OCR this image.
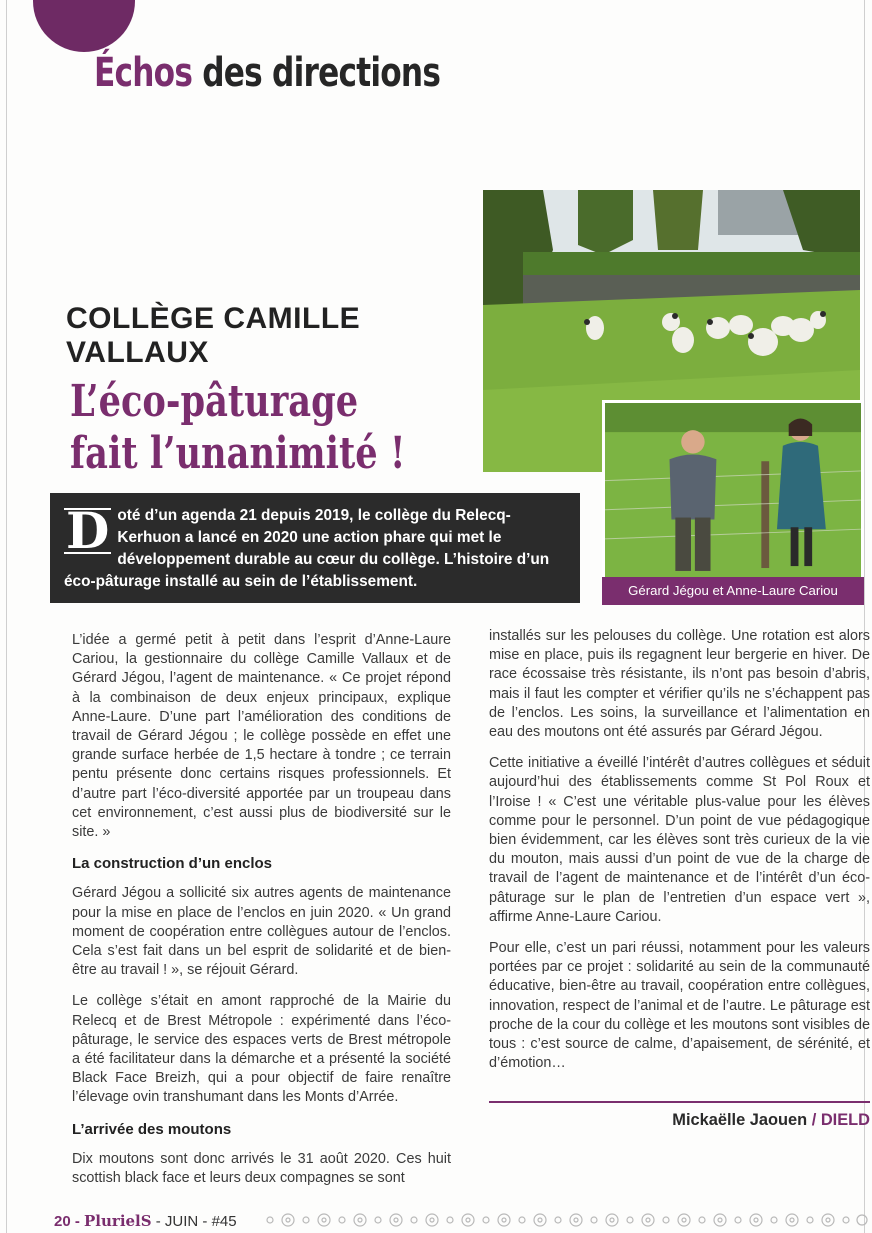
Échos des directions
COLLÈGE CAMILLE VALLAUX
L’éco-pâturage
fait l’unanimité !
D oté d’un agenda 21 depuis 2019, le collège du Relecq-Kerhuon a lancé en 2020 une action phare qui met le développement durable au cœur du collège. L’histoire d’un éco-pâturage installé au sein de l’établissement.
Gérard Jégou et Anne-Laure Cariou

L’idée a germé petit à petit dans l’esprit d’Anne-Laure Cariou, la gestionnaire du collège Camille Vallaux et de Gérard Jégou, l’agent de maintenance. « Ce projet répond à la combinaison de deux enjeux principaux, explique Anne-Laure. D’une part l’amélioration des conditions de travail de Gérard Jégou ; le collège possède en effet une grande surface herbée de 1,5 hectare à tondre ; ce terrain pentu présente donc certains risques professionnels. Et d’autre part l’éco-diversité apportée par un troupeau dans cet environnement, c’est aussi plus de biodiversité sur le site. »

La construction d’un enclos

Gérard Jégou a sollicité six autres agents de maintenance pour la mise en place de l’enclos en juin 2020. « Un grand moment de coopération entre collègues autour de l’enclos. Cela s’est fait dans un bel esprit de solidarité et de bien-être au travail ! », se réjouit Gérard.

Le collège s’était en amont rapproché de la Mairie du Relecq et de Brest Métropole : expérimenté dans l’éco-pâturage, le service des espaces verts de Brest métropole a été facilitateur dans la démarche et a présenté la société Black Face Breizh, qui a pour objectif de faire renaître l’élevage ovin transhumant dans les Monts d’Arrée.

L’arrivée des moutons

Dix moutons sont donc arrivés le 31 août 2020. Ces huit scottish black face et leurs deux compagnes se sont

installés sur les pelouses du collège. Une rotation est alors mise en place, puis ils regagnent leur bergerie en hiver. De race écossaise très résistante, ils n’ont pas besoin d’abris, mais il faut les compter et vérifier qu’ils ne s’échappent pas de l’enclos. Les soins, la surveillance et l’alimentation en eau des moutons ont été assurés par Gérard Jégou.

Cette initiative a éveillé l’intérêt d’autres collègues et séduit aujourd’hui des établissements comme St Pol Roux et l’Iroise ! « C’est une véritable plus-value pour les élèves comme pour le personnel. D’un point de vue pédagogique bien évidemment, car les élèves sont très curieux de la vie du mouton, mais aussi d’un point de vue de la charge de travail de l’agent de maintenance et de l’intérêt d’un éco-pâturage sur le plan de l’entretien d’un espace vert », affirme Anne-Laure Cariou.

Pour elle, c’est un pari réussi, notamment pour les valeurs portées par ce projet : solidarité au sein de la communauté éducative, bien-être au travail, coopération entre collègues, innovation, respect de l’animal et de l’autre. Le pâturage est proche de la cour du collège et les moutons sont visibles de tous : c’est source de calme, d’apaisement, de sérénité, et d’émotion…

Mickaëlle Jaouen / DIELD
20 - PlurielS - JUIN - #45
